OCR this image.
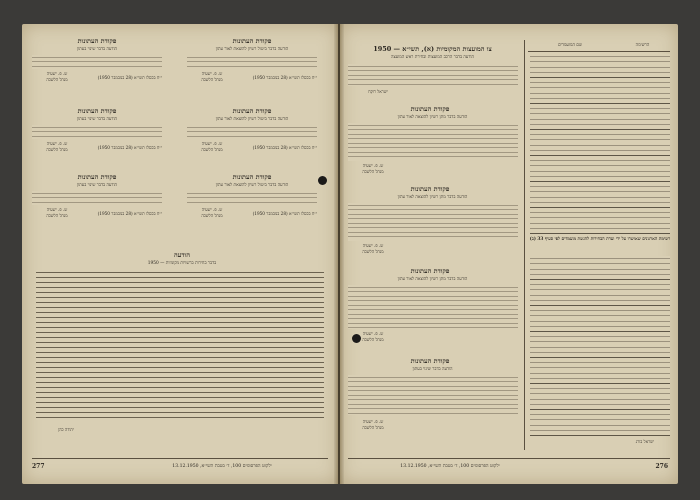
פקודת העתונות
הודעה בדבר ביטול רשיון להוצאת לאור עתון
ש. פ. ישעיה
מנהל הלשכה	י״ח בכסלו תשי״א (28 בנובמבר 1950)
פקודת העתונות
הודעה בדבר שינוי בעתון
ש. פ. ישעיה
מנהל הלשכה	י״ח בכסלו תשי״א (28 בנובמבר 1950)
פקודת העתונות
הודעה בדבר ביטול רשיון להוצאת לאור עתון
ש. פ. ישעיה
מנהל הלשכה	י״ח בכסלו תשי״א (28 בנובמבר 1950)
פקודת העתונות
הודעה בדבר שינוי בעתון
ש. פ. ישעיה
מנהל הלשכה	י״ח בכסלו תשי״א (28 בנובמבר 1950)
פקודת העתונות
הודעה בדבר ביטול רשיון להוצאת לאור עתון
ש. פ. ישעיה
מנהל הלשכה	י״ח בכסלו תשי״א (28 בנובמבר 1950)
פקודת העתונות
הודעה בדבר שינוי בעתון
ש. פ. ישעיה
מנהל הלשכה	י״ח בכסלו תשי״א (28 בנובמבר 1950)
הודעה
בדבר בחירות ברשויות מקומיות — 1950
יהודה כהן
277	ילקוט הפרסומים 100, ד׳ בטבת תשי״א, 13.12.1950
צו המועצות המקומיות (א), תשי״א — 1950
הודעה בדבר הרכב המועצות ובחירת ראש המועצה
ישראל רוקח
פקודת העתונות
הודעה בדבר מתן רשיון להוצאה לאור עתון
ש. פ. ישעיה
מנהל הלשכה
פקודת העתונות
הודעה בדבר מתן רשיון להוצאה לאור עתון
ש. פ. ישעיה
מנהל הלשכה
פקודת העתונות
הודעה בדבר מתן רשיון להוצאה לאור עתון
ש. פ. ישעיה
מנהל הלשכה
פקודת העתונות
הודעה בדבר שינוי בעתון
ש. פ. ישעיה
מנהל הלשכה
שם המועמדים	הרשימה
רשימת הארגונים שאושרו על ידי ועדת הבחירות להגשת מועמדים לפי סעיף 33 (ב)
ישראל בורג
ילקוט הפרסומים 100, ד׳ בטבת תשי״א, 13.12.1950	276
